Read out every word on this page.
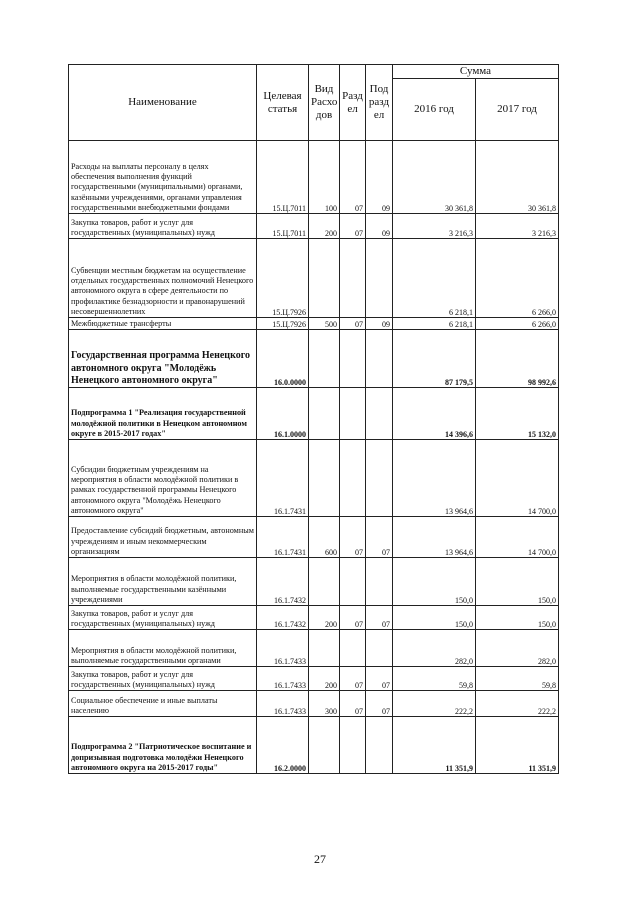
Наименование	Целевая статья	Вид Расхо дов	Разд ел	Под разд ел	Сумма	
					2016 год	2017 год
Расходы на выплаты персоналу в целях обеспечения выполнения функций государственными (муниципальными) органами, казёнными учреждениями, органами управления государственными внебюджетными фондами	15.Ц.7011	100	07	09	30 361,8	30 361,8
Закупка товаров, работ и услуг для государственных (муниципальных) нужд	15.Ц.7011	200	07	09	3 216,3	3 216,3
Субвенции местным бюджетам на осуществление отдельных государственных полномочий Ненецкого автономного округа в сфере деятельности по профилактике безнадзорности и правонарушений несовершеннолетних	15.Ц.7926				6 218,1	6 266,0
Межбюджетные трансферты	15.Ц.7926	500	07	09	6 218,1	6 266,0
Государственная программа Ненецкого автономного округа "Молодёжь Ненецкого автономного округа"	16.0.0000				87 179,5	98 992,6
Подпрограмма 1 "Реализация государственной молодёжной политики в Ненецком автономном округе в 2015-2017 годах"	16.1.0000				14 396,6	15 132,0
Субсидии бюджетным учреждениям на мероприятия в области молодёжной политики в рамках государственной программы Ненецкого автономного округа "Молодёжь Ненецкого автономного округа"	16.1.7431				13 964,6	14 700,0
Предоставление субсидий бюджетным, автономным учреждениям и иным некоммерческим организациям	16.1.7431	600	07	07	13 964,6	14 700,0
Мероприятия в области молодёжной политики, выполняемые государственными казёнными учреждениями	16.1.7432				150,0	150,0
Закупка товаров, работ и услуг для государственных (муниципальных) нужд	16.1.7432	200	07	07	150,0	150,0
Мероприятия в области молодёжной политики, выполняемые государственными органами	16.1.7433				282,0	282,0
Закупка товаров, работ и услуг для государственных (муниципальных) нужд	16.1.7433	200	07	07	59,8	59,8
Социальное обеспечение и иные выплаты населению	16.1.7433	300	07	07	222,2	222,2
Подпрограмма 2 "Патриотическое воспитание и допризывная подготовка молодёжи Ненецкого автономного округа на 2015-2017 годы"	16.2.0000				11 351,9	11 351,9
27
